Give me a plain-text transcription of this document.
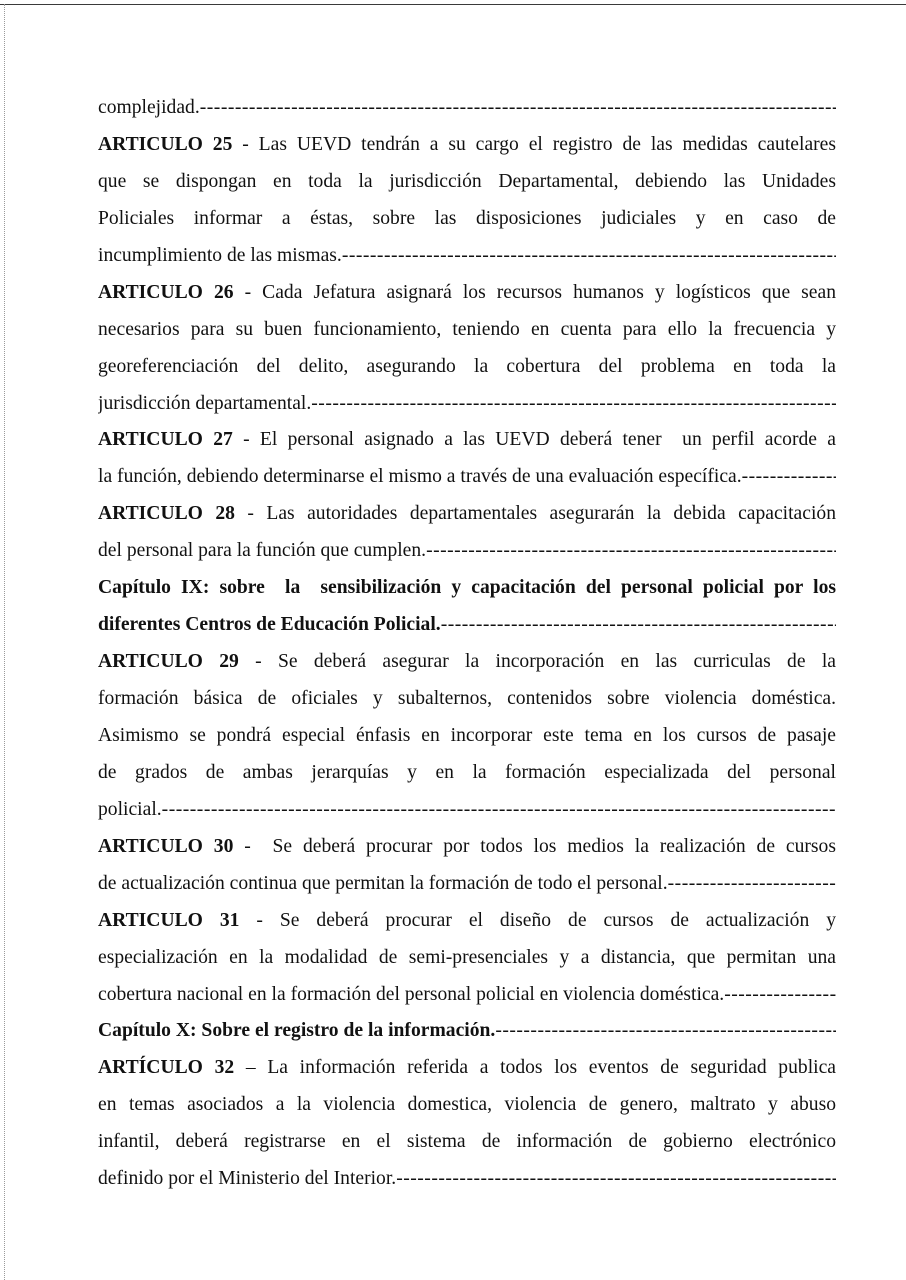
complejidad.
-----
ARTICULO 25 - Las UEVD tendrán a su cargo el registro de las medidas cautelares
que se dispongan en toda la jurisdicción Departamental, debiendo las Unidades
Policiales informar a éstas, sobre las disposiciones judiciales y en caso de
incumplimiento de las mismas.
-----
ARTICULO 26 - Cada Jefatura asignará los recursos humanos y logísticos que sean
necesarios para su buen funcionamiento, teniendo en cuenta para ello la frecuencia y
georeferenciación del delito, asegurando la cobertura del problema en toda la
jurisdicción departamental.
-----
ARTICULO 27 - El personal asignado a las UEVD deberá tener  un perfil acorde a
la función, debiendo determinarse el mismo a través de una evaluación específica.
-----
ARTICULO 28 - Las autoridades departamentales asegurarán la debida capacitación
del personal para la función que cumplen.
-----
Capítulo IX: sobre  la  sensibilización y capacitación del personal policial por los
diferentes Centros de Educación Policial.
-----
ARTICULO 29 - Se deberá asegurar la incorporación en las curriculas de la
formación básica de oficiales y subalternos, contenidos sobre violencia doméstica.
Asimismo se pondrá especial énfasis en incorporar este tema en los cursos de pasaje
de grados de ambas jerarquías y en la formación especializada del personal
policial.
-----
ARTICULO 30 -  Se deberá procurar por todos los medios la realización de cursos
de actualización continua que permitan la formación de todo el personal.
-----
ARTICULO 31 - Se deberá procurar el diseño de cursos de actualización y
especialización en la modalidad de semi-presenciales y a distancia, que permitan una
cobertura nacional en la formación del personal policial en violencia doméstica.
-----
Capítulo X: Sobre el registro de la información.
-----
ARTÍCULO 32 – La información referida a todos los eventos de seguridad publica
en temas asociados a la violencia domestica, violencia de genero, maltrato y abuso
infantil, deberá registrarse en el sistema de información de gobierno electrónico
definido por el Ministerio del Interior.
-----
